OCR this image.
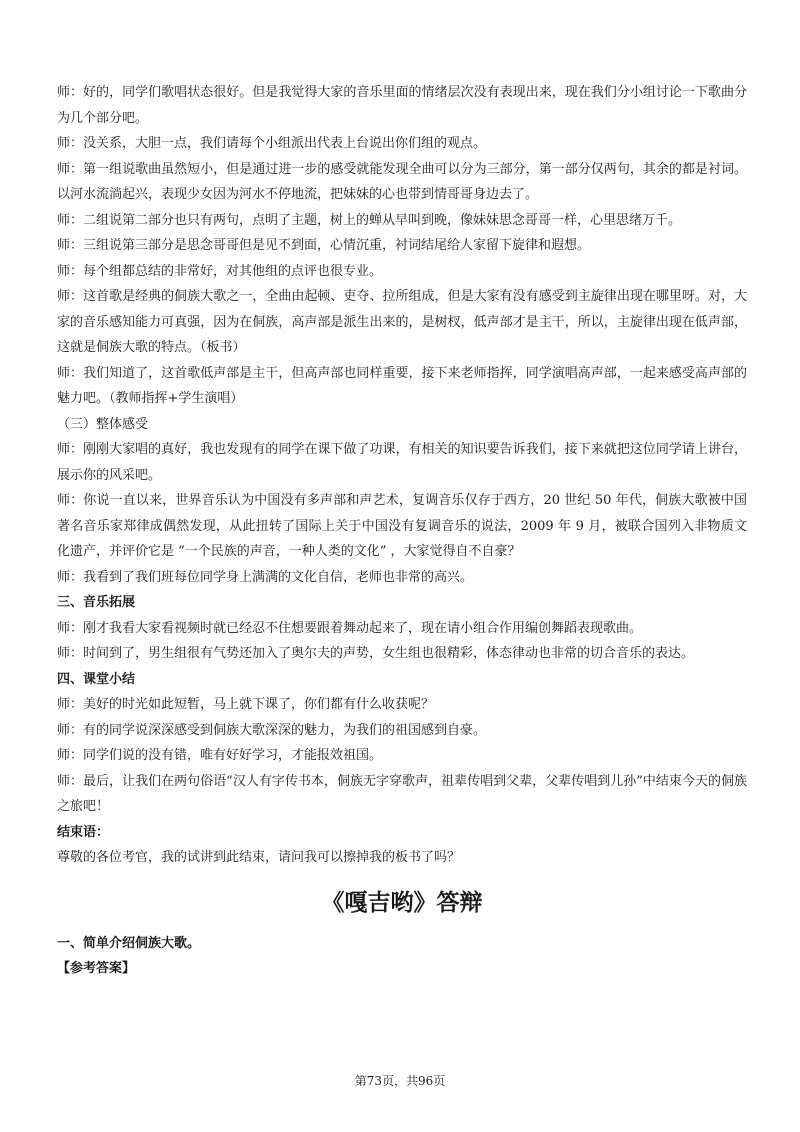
师：好的，同学们歌唱状态很好。但是我觉得大家的音乐里面的情绪层次没有表现出来，现在我们分小组讨论一下歌曲分为几个部分吧。

师：没关系，大胆一点，我们请每个小组派出代表上台说出你们组的观点。

师：第一组说歌曲虽然短小，但是通过进一步的感受就能发现全曲可以分为三部分，第一部分仅两句，其余的都是衬词。以河水流淌起兴，表现少女因为河水不停地流，把妹妹的心也带到情哥哥身边去了。

师：二组说第二部分也只有两句，点明了主题，树上的蝉从早叫到晚，像妹妹思念哥哥一样，心里思绪万千。

师：三组说第三部分是思念哥哥但是见不到面，心情沉重，衬词结尾给人家留下旋律和遐想。

师：每个组都总结的非常好，对其他组的点评也很专业。

师：这首歌是经典的侗族大歌之一，全曲由起顿、吏夺、拉所组成，但是大家有没有感受到主旋律出现在哪里呀。对，大家的音乐感知能力可真强，因为在侗族，高声部是派生出来的，是树杈，低声部才是主干，所以，主旋律出现在低声部，这就是侗族大歌的特点。（板书）

师：我们知道了，这首歌低声部是主干，但高声部也同样重要，接下来老师指挥，同学演唱高声部，一起来感受高声部的魅力吧。（教师指挥+学生演唱）

（三）整体感受

师：刚刚大家唱的真好，我也发现有的同学在课下做了功课，有相关的知识要告诉我们，接下来就把这位同学请上讲台，展示你的风采吧。

师：你说一直以来，世界音乐认为中国没有多声部和声艺术，复调音乐仅存于西方，20 世纪 50 年代，侗族大歌被中国著名音乐家郑律成偶然发现，从此扭转了国际上关于中国没有复调音乐的说法，2009 年 9 月，被联合国列入非物质文化遗产，并评价它是 “一个民族的声音，一种人类的文化” ，大家觉得自不自豪？

师：我看到了我们班每位同学身上满满的文化自信，老师也非常的高兴。

三、音乐拓展

师：刚才我看大家看视频时就已经忍不住想要跟着舞动起来了，现在请小组合作用编创舞蹈表现歌曲。

师：时间到了，男生组很有气势还加入了奥尔夫的声势，女生组也很精彩，体态律动也非常的切合音乐的表达。

四、课堂小结

师：美好的时光如此短暂，马上就下课了，你们都有什么收获呢？

师：有的同学说深深感受到侗族大歌深深的魅力，为我们的祖国感到自豪。

师：同学们说的没有错，唯有好好学习，才能报效祖国。

师：最后，让我们在两句俗语“汉人有字传书本，侗族无字穿歌声，祖辈传唱到父辈，父辈传唱到儿孙”中结束今天的侗族之旅吧！

结束语：

尊敬的各位考官，我的试讲到此结束，请问我可以擦掉我的板书了吗？

《嘎吉哟》答辩

一、简单介绍侗族大歌。

【参考答案】

第73页，共96页
